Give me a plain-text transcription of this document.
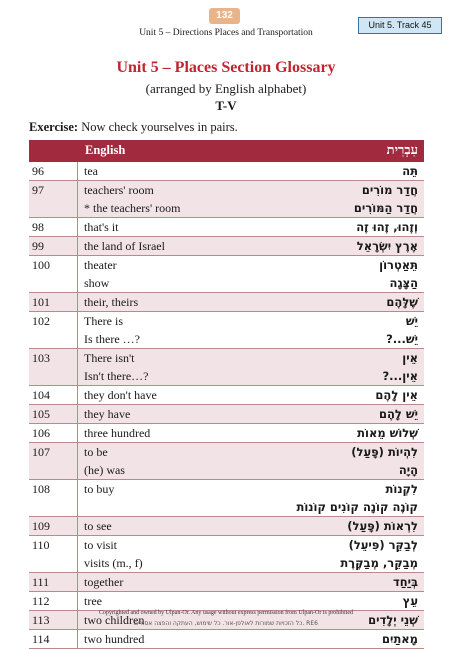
132
Unit 5. Track 45
Unit 5 – Directions Places and Transportation
Unit 5 – Places Section Glossary
(arranged by English alphabet)
T-V
Exercise: Now check yourselves in pairs.
English	עִבְרִית
96	tea	תֵּה
97	teachers' room	חֲדַר מוֹרִים
* the teachers' room	חֲדַר הַמּוֹרִים
98	that's it	וְזֶהוּ, זֶהוּ זֶה
99	the land of Israel	אֶרֶץ יִשְׂרָאֵל
100	theater	תֵּאַטְרוֹן
show	הַצָּגָה
101	their, theirs	שֶׁלָּהֶם
102	There is	יֵשׁ
Is there …?	יֵשׁ...?
103	There isn't	אֵין
Isn't there…?	אֵין...?
104	they don't have	אֵין לָהֶם
105	they have	יֵשׁ לָהֶם
106	three hundred	שְׁלוֹשׁ מֵאוֹת
107	to be	לִהְיוֹת (פָּעַל)
(he) was	הָיָה
108	to buy	לִקְנוֹת
קוֹנֶה קוֹנָה קוֹנִים קוֹנוֹת
109	to see	לִרְאוֹת (פָּעַל)
110	to visit	לְבַקֵּר (פִּיעֵל)
visits (m., f)	מְבַקֵּר, מְבַקֶּרֶת
111	together	בְּיַחַד
112	tree	עֵץ
113	two children	שְׁנֵי יְלָדִים
114	two hundred	מָאתַיִם
Copyrighted and owned by Ulpan-Or. Any usage without express permission from Ulpan-Or is prohibited
כל הזכויות שמורות לאולפן-אור. כל שימוש, העתקה והפצה אסורים. RE6
